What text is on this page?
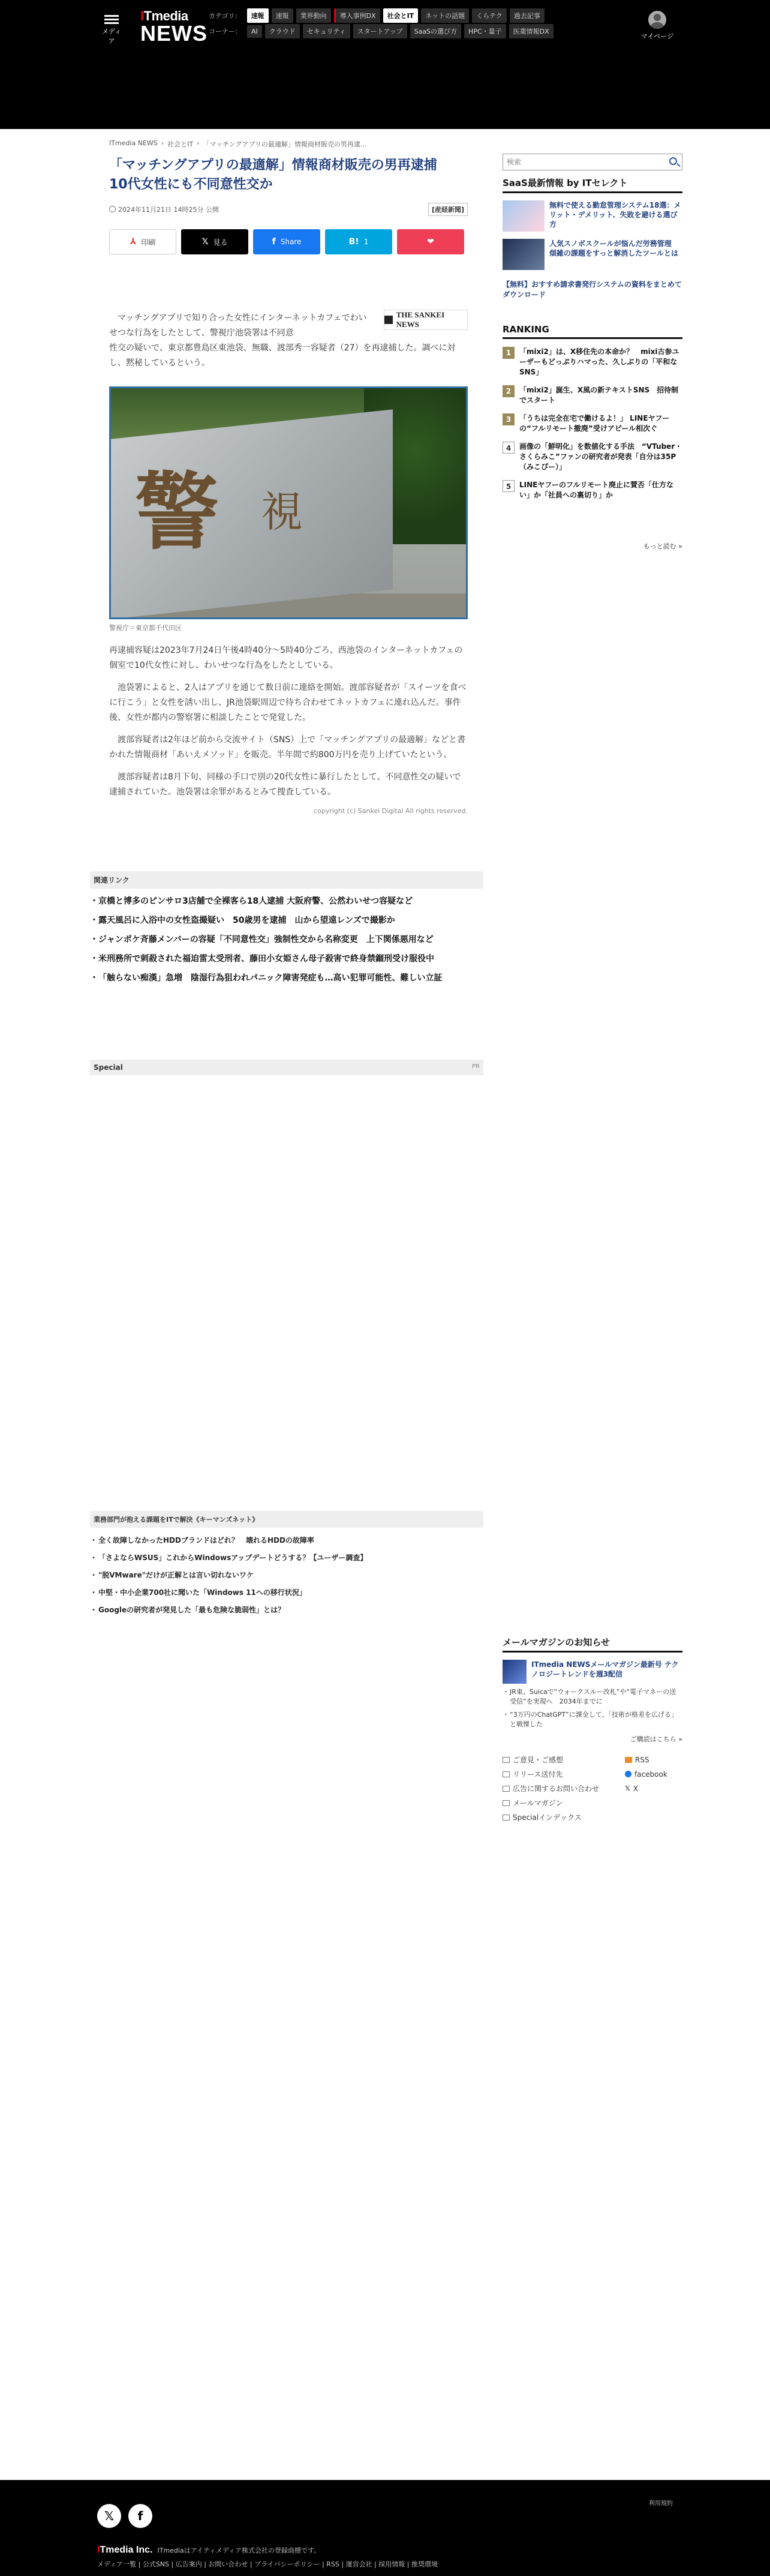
メディア
ITmedia
NEWS
カテゴリ：	速報	速報	業界動向	導入事例DX	社会とIT	ネットの話題	くらテク	過去記事
コーナー：	AI	クラウド	セキュリティ	スタートアップ	SaaSの選び方	HPC・量子	医薬情報DX
マイページ
ITmedia NEWS › 社会とIT › 「マッチングアプリの最適解」情報商材販売の男再逮...
「マッチングアプリの最適解」情報商材販売の男再逮捕　10代女性にも不同意性交か
2024年11月21日 14時25分 公開	[産経新聞]
⅄ 印刷	𝕏 見る	f Share	B! 1	❤
THE SANKEI NEWS

マッチングアプリで知り合った女性にインターネットカフェでわいせつな行為をしたとして、警視庁池袋署は不同意

性交の疑いで、東京都豊島区東池袋、無職、渡部秀一容疑者（27）を再逮捕した。調べに対し、黙秘しているという。

警 視
警視庁＝東京都千代田区

再逮捕容疑は2023年7月24日午後4時40分〜5時40分ごろ、西池袋のインターネットカフェの個室で10代女性に対し、わいせつな行為をしたとしている。

池袋署によると、2人はアプリを通じて数日前に連絡を開始。渡部容疑者が「スイーツを食べに行こう」と女性を誘い出し、JR池袋駅周辺で待ち合わせてネットカフェに連れ込んだ。事件後、女性が都内の警察署に相談したことで発覚した。

渡部容疑者は2年ほど前から交流サイト（SNS）上で「マッチングアプリの最適解」などと書かれた情報商材「あいえメソッド」を販売。半年間で約800万円を売り上げていたという。

渡部容疑者は8月下旬、同様の手口で別の20代女性に暴行したとして、不同意性交の疑いで逮捕されていた。池袋署は余罪があるとみて捜査している。

copyright (c) Sankei Digital All rights reserved.
関連リンク
・ 京橋と博多のピンサロ3店舗で全裸客ら18人逮捕 大阪府警、公然わいせつ容疑など
・ 露天風呂に入浴中の女性盗撮疑い　50歳男を逮捕　山から望遠レンズで撮影か
・ ジャンポケ斉藤メンバーの容疑「不同意性交」強制性交から名称変更　上下関係悪用など
・ 米刑務所で刺殺された福迫雷太受刑者、藤田小女姫さん母子殺害で終身禁錮刑受け服役中
・ 「触らない痴漢」急増　陰湿行為狙われパニック障害発症も…高い犯罪可能性、難しい立証
Special	PR
業務部門が抱える課題をITで解決《キーマンズネット》
・ 全く故障しなかったHDDブランドはどれ？　壊れるHDDの故障率
・ 「さよならWSUS」これからWindowsアップデートどうする？【ユーザー調査】
・ "脱VMware"だけが正解とは言い切れないワケ
・ 中堅・中小企業700社に聞いた「Windows 11への移行状況」
・ Googleの研究者が発見した「最も危険な脆弱性」とは？
検索
SaaS最新情報 by ITセレクト
無料で使える勤怠管理システム18選：メリット・デメリット、失敗を避ける選び方
人気スノボスクールが悩んだ労務管理　煩雑の課題をすっと解消したツールとは
【無料】おすすめ請求書発行システムの資料をまとめてダウンロード
RANKING
1	「mixi2」は、X移住先の本命か？　mixi古参ユーザーもどっぷりハマった、久しぶりの「平和なSNS」
2	「mixi2」誕生、X風の新テキストSNS　招待制でスタート
3	「うちは完全在宅で働けるよ！」 LINEヤフーの“フルリモート撤廃”受けアピール相次ぐ
4	画像の「鮮明化」を数値化する手法　“VTuber・さくらみこ”ファンの研究者が発表「自分は35P（みこぴー）」
5	LINEヤフーのフルリモート廃止に賛否「仕方ない」か「社員への裏切り」か
もっと読む »
メールマガジンのお知らせ
ITmedia NEWSメールマガジン最新号 テクノロジートレンドを週3配信
・ JR東、Suicaで“ウォークスルー改札”や“電子マネーの送受信”を実現へ　2034年までに
・ “3万円のChatGPT”に課金して、「技術が格差を広げる」と戦慄した
ご購読はこちら »
ご意見・ご感想	RSS
リリース送付先	facebook
広告に関するお問い合わせ	𝕏 X
メールマガジン
Specialインデックス
𝕏	f
利用規約
ITmedia Inc. ITmediaはアイティメディア株式会社の登録商標です。
メディア一覧 | 公式SNS | 広告案内 | お問い合わせ | プライバシーポリシー | RSS | 運営会社 | 採用情報 | 推奨環境
